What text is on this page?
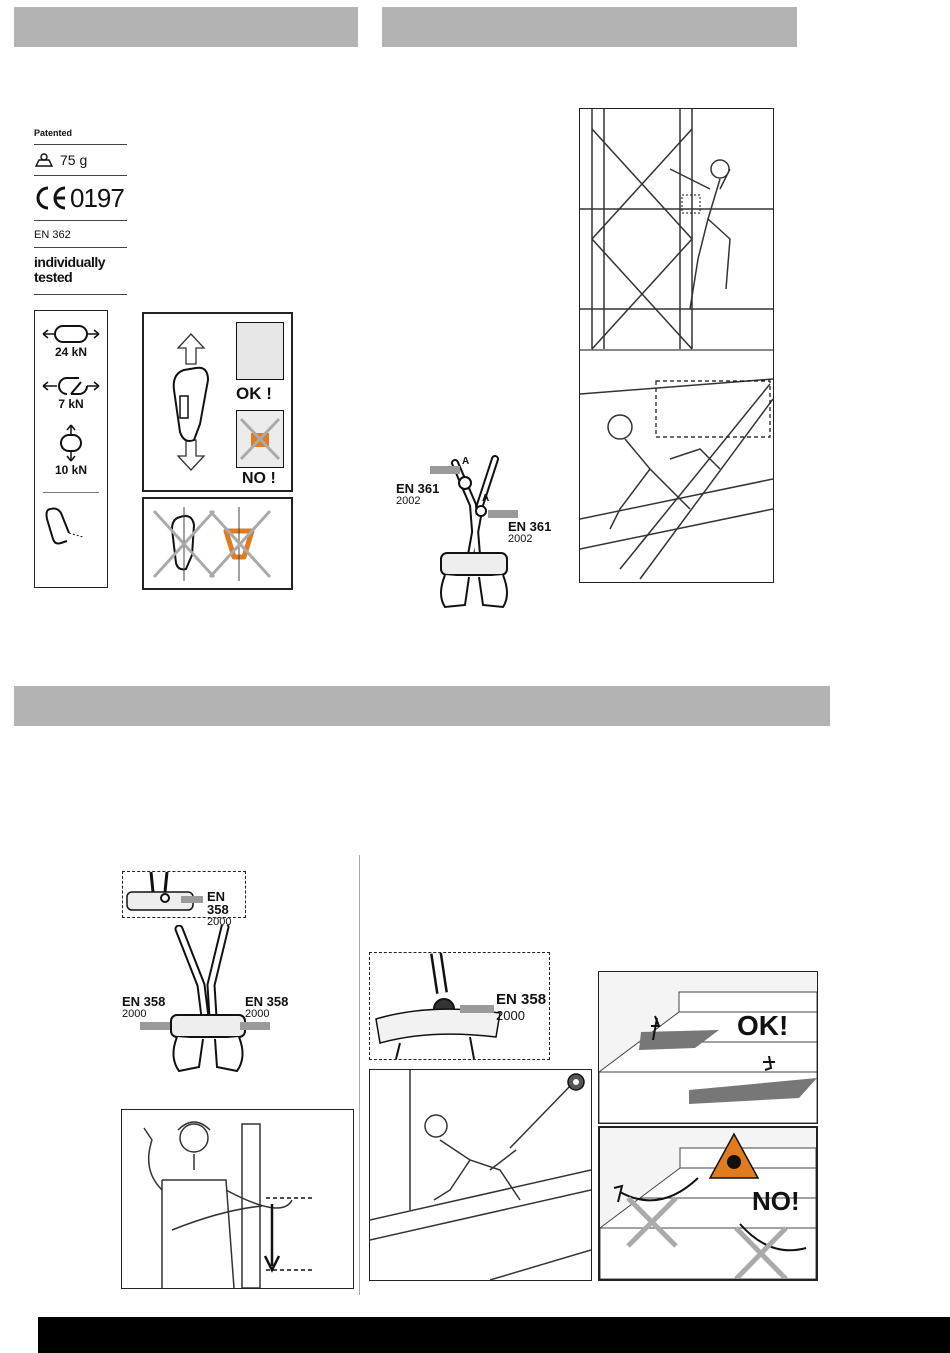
Patented
75 g
0197
EN 362
individually
tested
24 kN
7 kN
10 kN
OK !
NO !
A
A
EN 361
2002
EN 361
2002
EN 358
2000
EN 358
2000
EN 358
2000
EN 358
2000	OK!
NO!
